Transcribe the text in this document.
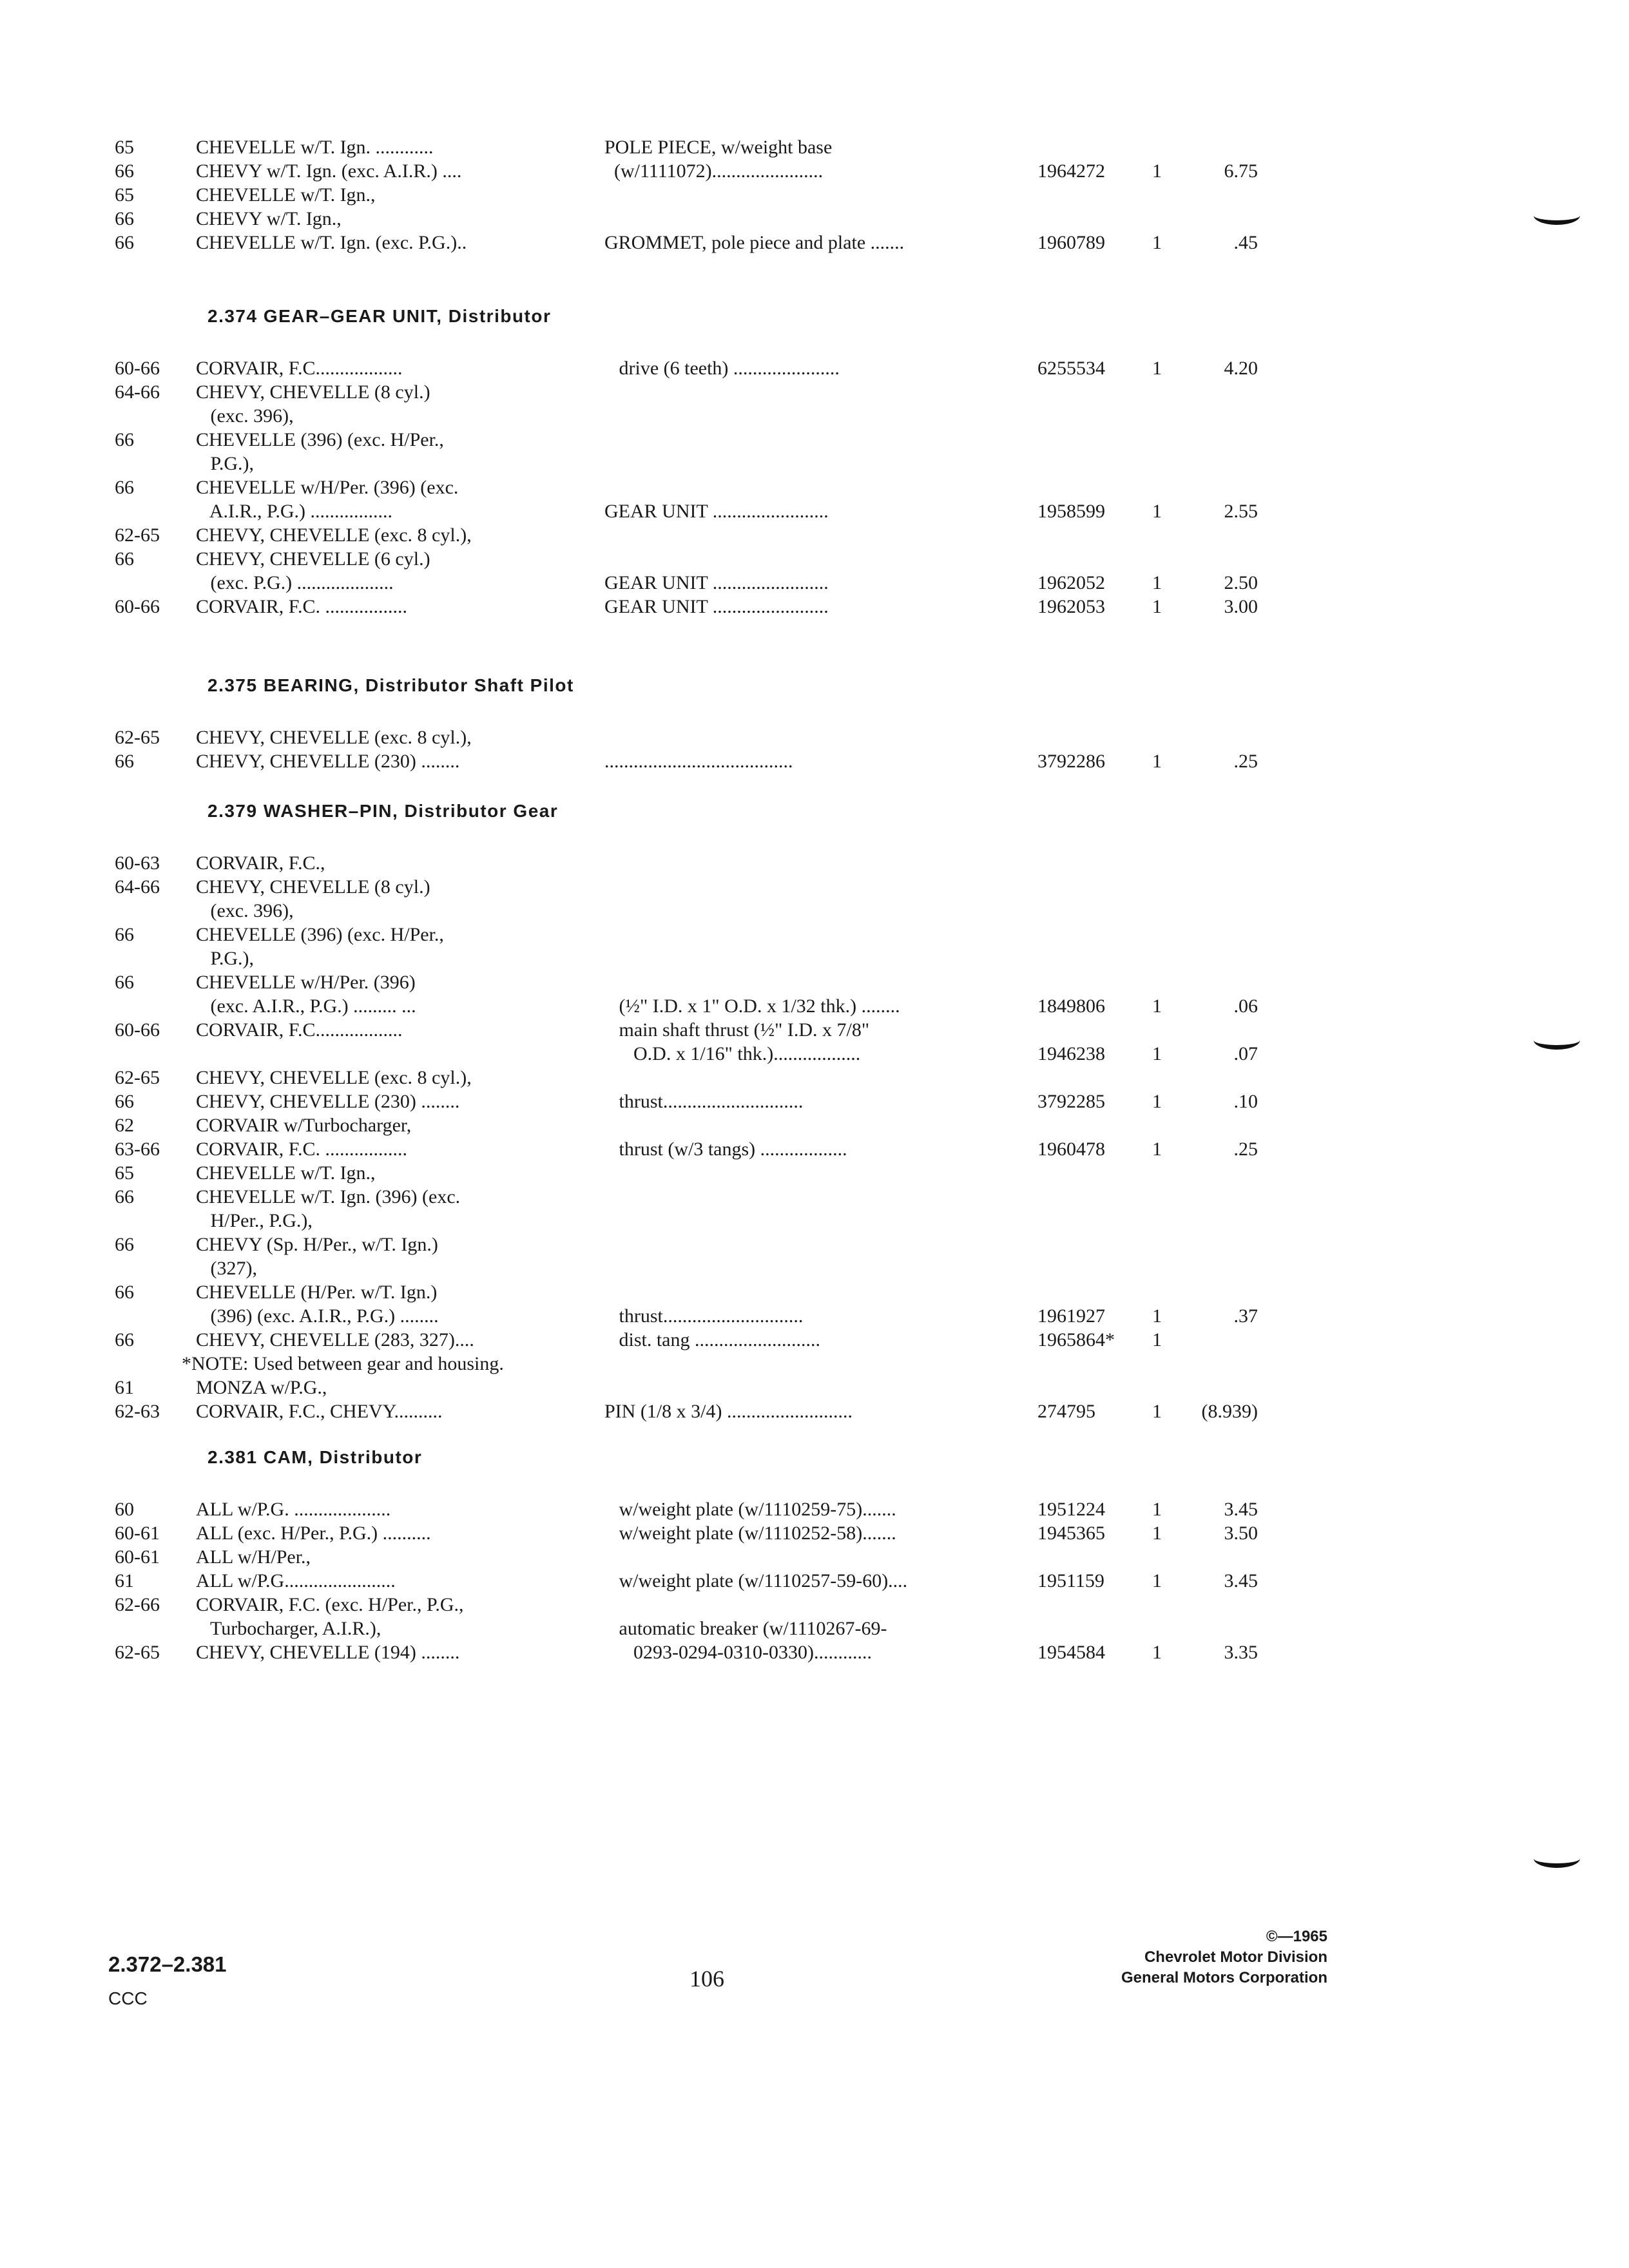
65	CHEVELLE w/T. Ign. ............	POLE PIECE, w/weight base
66	CHEVY w/T. Ign. (exc. A.I.R.) ....	(w/1111072).......................	1964272	1	6.75
65	CHEVELLE w/T. Ign.,
66	CHEVY w/T. Ign.,
66	CHEVELLE w/T. Ign. (exc. P.G.)..	GROMMET, pole piece and plate .......	1960789	1	.45
2.374 GEAR–GEAR UNIT, Distributor
60-66 CORVAIR, F.C..................	drive (6 teeth) ......................	6255534	1	4.20
64-66 CHEVY, CHEVELLE (8 cyl.)
(exc. 396),
66	CHEVELLE (396) (exc. H/Per.,
P.G.),
66	CHEVELLE w/H/Per. (396) (exc.
A.I.R., P.G.) .................	GEAR UNIT ........................	1958599	1	2.55
62-65 CHEVY, CHEVELLE (exc. 8 cyl.),
66	CHEVY, CHEVELLE (6 cyl.)
(exc. P.G.) ....................	GEAR UNIT ........................	1962052	1	2.50
60-66 CORVAIR, F.C. .................	GEAR UNIT ........................	1962053	1	3.00
2.375 BEARING, Distributor Shaft Pilot
62-65 CHEVY, CHEVELLE (exc. 8 cyl.),
66	CHEVY, CHEVELLE (230) ........	.......................................	3792286	1	.25
2.379 WASHER–PIN, Distributor Gear
60-63 CORVAIR, F.C.,
64-66 CHEVY, CHEVELLE (8 cyl.)
(exc. 396),
66	CHEVELLE (396) (exc. H/Per.,
P.G.),
66	CHEVELLE w/H/Per. (396)
(exc. A.I.R., P.G.) ......... ...	(½" I.D. x 1" O.D. x 1/32 thk.) ........	1849806	1	.06
60-66 CORVAIR, F.C..................	main shaft thrust (½" I.D. x 7/8"
O.D. x 1/16" thk.)..................	1946238	1	.07
62-65 CHEVY, CHEVELLE (exc. 8 cyl.),
66	CHEVY, CHEVELLE (230) ........	thrust.............................	3792285	1	.10
62	CORVAIR w/Turbocharger,
63-66 CORVAIR, F.C. .................	thrust (w/3 tangs) ..................	1960478	1	.25
65	CHEVELLE w/T. Ign.,
66	CHEVELLE w/T. Ign. (396) (exc.
H/Per., P.G.),
66	CHEVY (Sp. H/Per., w/T. Ign.)
(327),
66	CHEVELLE (H/Per. w/T. Ign.)
(396) (exc. A.I.R., P.G.) ........	thrust.............................	1961927	1	.37
66	CHEVY, CHEVELLE (283, 327)....	dist. tang ..........................	1965864*	1
*NOTE: Used between gear and housing.
61	MONZA w/P.G.,
62-63 CORVAIR, F.C., CHEVY..........	PIN (1/8 x 3/4) ..........................	274795	1	(8.939)
2.381 CAM, Distributor
60	ALL w/P.G. ....................	w/weight plate (w/1110259-75).......	1951224	1	3.45
60-61 ALL (exc. H/Per., P.G.) ..........	w/weight plate (w/1110252-58).......	1945365	1	3.50
60-61 ALL w/H/Per.,
61	ALL w/P.G.......................	w/weight plate (w/1110257-59-60)....	1951159	1	3.45
62-66 CORVAIR, F.C. (exc. H/Per., P.G.,
Turbocharger, A.I.R.),	automatic breaker (w/1110267-69-
62-65 CHEVY, CHEVELLE (194) ........	0293-0294-0310-0330)............	1954584	1	3.35
2.372–2.381
CCC
106
©—1965
Chevrolet Motor Division
General Motors Corporation
